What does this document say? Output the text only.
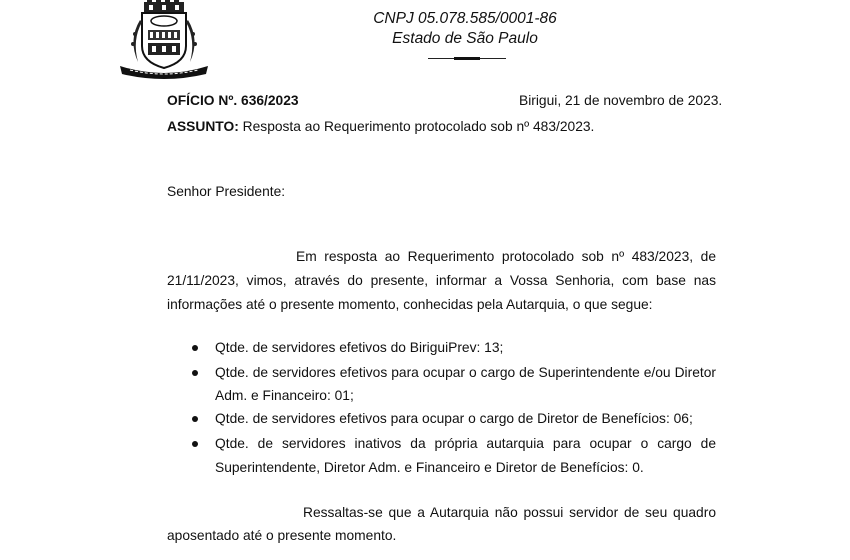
CNPJ 05.078.585/0001-86
Estado de São Paulo
OFÍCIO Nº. 636/2023	Birigui, 21 de novembro de 2023.
ASSUNTO: Resposta ao Requerimento protocolado sob nº 483/2023.
Senhor Presidente:
Em resposta ao Requerimento protocolado sob nº 483/2023, de
21/11/2023, vimos, através do presente, informar a Vossa Senhoria, com base nas
informações até o presente momento, conhecidas pela Autarquia, o que segue:
Qtde. de servidores efetivos do BiriguiPrev: 13;
Qtde. de servidores efetivos para ocupar o cargo de Superintendente e/ou Diretor
Adm. e Financeiro: 01;
Qtde. de servidores efetivos para ocupar o cargo de Diretor de Benefícios: 06;
Qtde. de servidores inativos da própria autarquia para ocupar o cargo de
Superintendente, Diretor Adm. e Financeiro e Diretor de Benefícios: 0.
Ressaltas-se que a Autarquia não possui servidor de seu quadro
aposentado até o presente momento.
